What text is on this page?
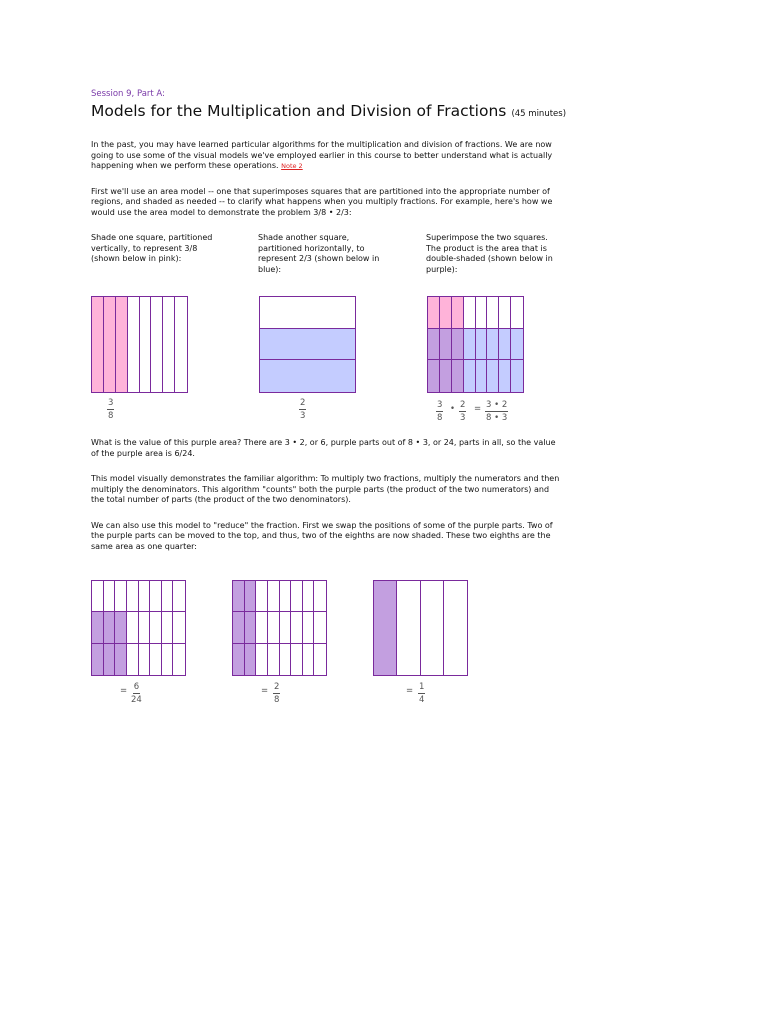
Session 9, Part A:
Models for the Multiplication and Division of Fractions (45 minutes)

In the past, you may have learned particular algorithms for the multiplication and division of fractions. We are now going to use some of the visual models we've employed earlier in this course to better understand what is actually happening when we perform these operations. Note 2

First we'll use an area model -- one that superimposes squares that are partitioned into the appropriate number of regions, and shaded as needed -- to clarify what happens when you multiply fractions. For example, here's how we would use the area model to demonstrate the problem 3/8 • 2/3:

Shade one square, partitioned vertically, to represent 3/8 (shown below in pink):
Shade another square, partitioned horizontally, to represent 2/3 (shown below in blue):
Superimpose the two squares. The product is the area that is double-shaded (shown below in purple):
$\frac{3}{8}$	$\frac{2}{3}$	$\frac{3}{8}$ • $\frac{2}{3} = \frac{3 • 2}{8 • 3}$

What is the value of this purple area? There are 3 • 2, or 6, purple parts out of 8 • 3, or 24, parts in all, so the value of the purple area is 6/24.

This model visually demonstrates the familiar algorithm: To multiply two fractions, multiply the numerators and then multiply the denominators. This algorithm "counts" both the purple parts (the product of the two numerators) and the total number of parts (the product of the two denominators).

We can also use this model to "reduce" the fraction. First we swap the positions of some of the purple parts. Two of the purple parts can be moved to the top, and thus, two of the eighths are now shaded. These two eighths are the same area as one quarter:

= $\frac{6}{24}$	= $\frac{2}{8}$	= $\frac{1}{4}$
